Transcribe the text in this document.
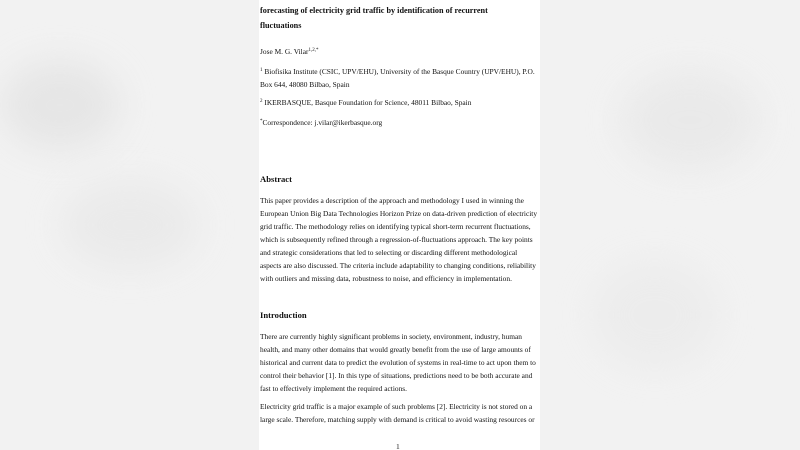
forecasting of electricity grid traffic by identification of recurrent
fluctuations
Jose M. G. Vilar$^{1,2,*}$
$^1$ Biofisika Institute (CSIC, UPV/EHU), University of the Basque Country (UPV/EHU), P.O.
Box 644, 48080 Bilbao, Spain
$^2$ IKERBASQUE, Basque Foundation for Science, 48011 Bilbao, Spain
*Correspondence: j.vilar@ikerbasque.org
Abstract
This paper provides a description of the approach and methodology I used in winning the
European Union Big Data Technologies Horizon Prize on data-driven prediction of electricity
grid traffic. The methodology relies on identifying typical short-term recurrent fluctuations,
which is subsequently refined through a regression-of-fluctuations approach. The key points
and strategic considerations that led to selecting or discarding different methodological
aspects are also discussed. The criteria include adaptability to changing conditions, reliability
with outliers and missing data, robustness to noise, and efficiency in implementation.
Introduction
There are currently highly significant problems in society, environment, industry, human
health, and many other domains that would greatly benefit from the use of large amounts of
historical and current data to predict the evolution of systems in real-time to act upon them to
control their behavior [1]. In this type of situations, predictions need to be both accurate and
fast to effectively implement the required actions.
Electricity grid traffic is a major example of such problems [2]. Electricity is not stored on a
large scale. Therefore, matching supply with demand is critical to avoid wasting resources or
1
